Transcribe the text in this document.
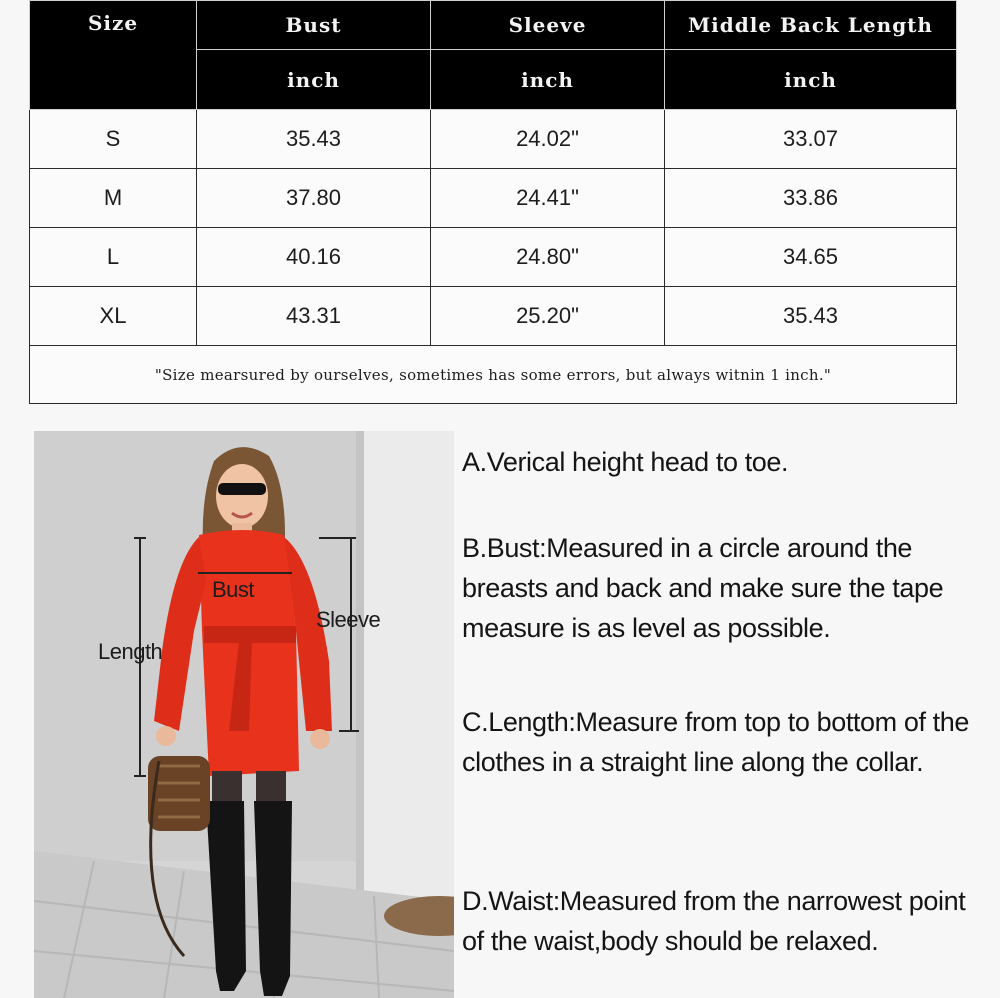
Size	Bust	Sleeve	Middle Back Length
	inch	inch	inch
S	35.43	24.02"	33.07
M	37.80	24.41"	33.86
L	40.16	24.80"	34.65
XL	43.31	25.20"	35.43
"Size mearsured by ourselves, sometimes has some errors, but always witnin 1 inch."			
Bust
Sleeve
Length

A.Verical height head to toe.

B.Bust:Measured in a circle around the breasts and back and make sure the tape measure is as level as possible.

C.Length:Measure from top to bottom of the clothes in a straight line along the collar.

D.Waist:Measured from the narrowest point of the waist,body should be relaxed.
